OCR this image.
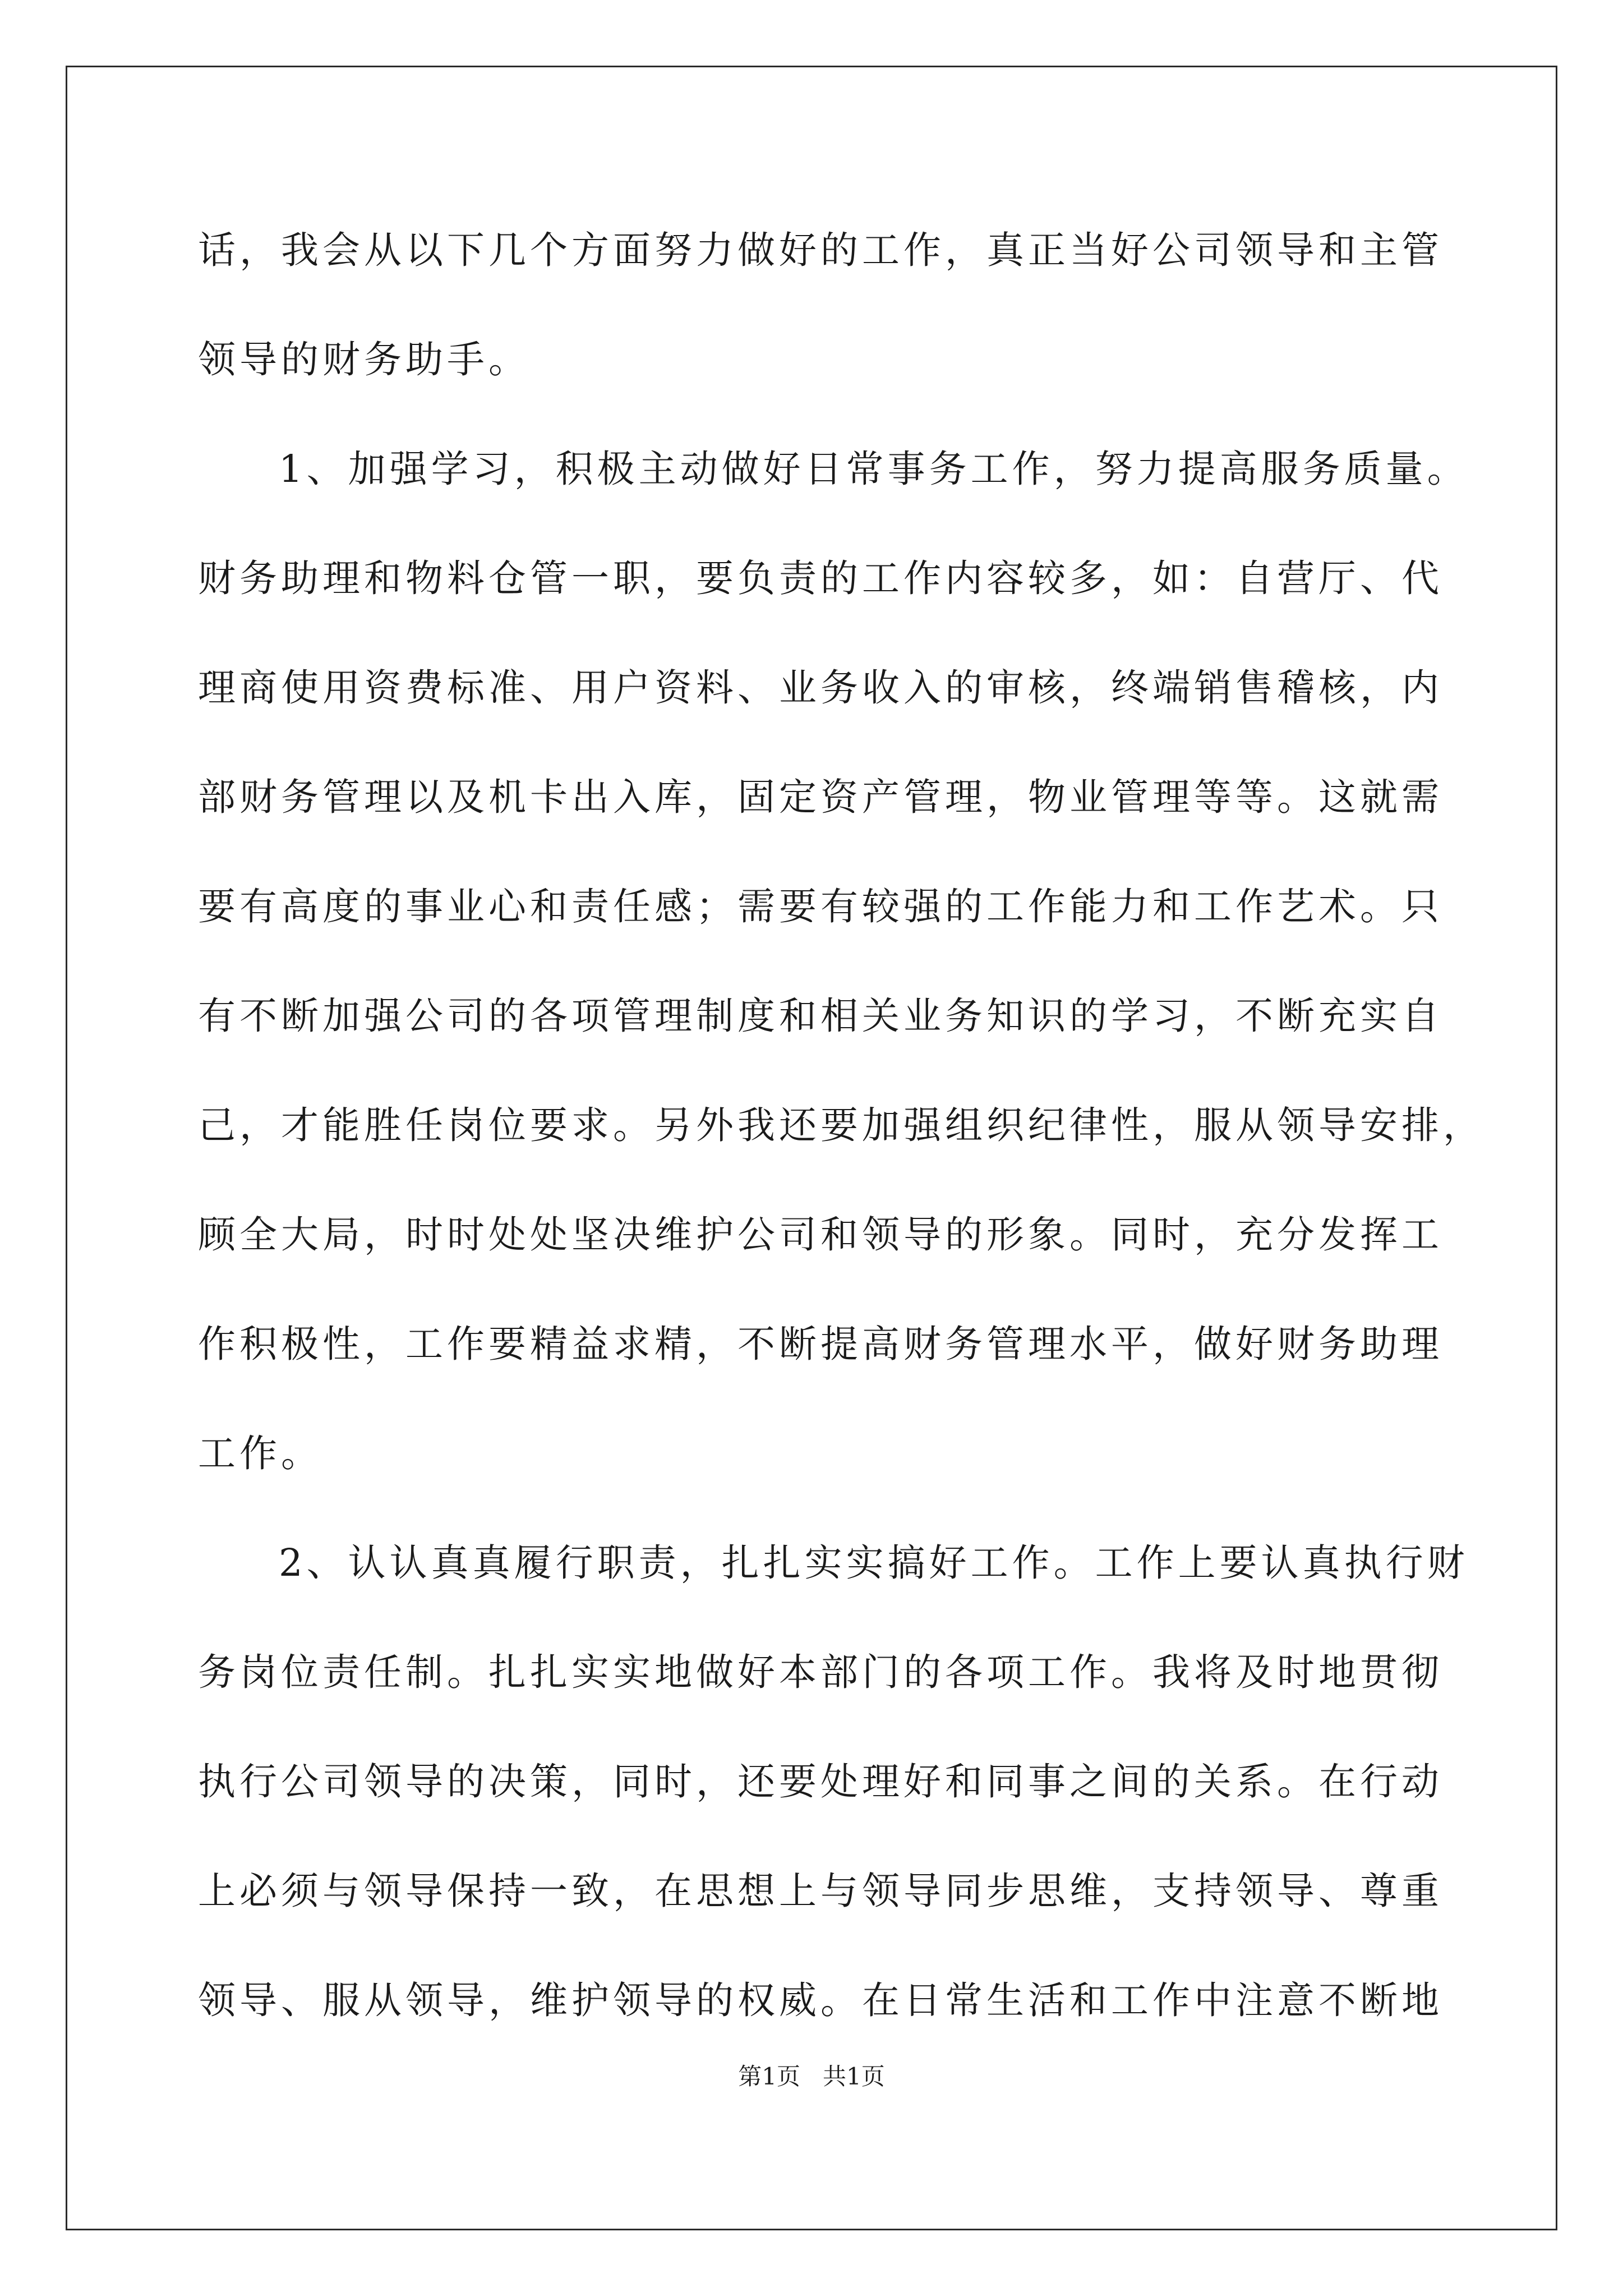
话，我会从以下几个方面努力做好的工作，真正当好公司领导和主管
领导的财务助手。
1、加强学习，积极主动做好日常事务工作，努力提高服务质量。
财务助理和物料仓管一职，要负责的工作内容较多，如：自营厅、代
理商使用资费标准、用户资料、业务收入的审核，终端销售稽核，内
部财务管理以及机卡出入库，固定资产管理，物业管理等等。这就需
要有高度的事业心和责任感；需要有较强的工作能力和工作艺术。只
有不断加强公司的各项管理制度和相关业务知识的学习，不断充实自
己，才能胜任岗位要求。另外我还要加强组织纪律性，服从领导安排，
顾全大局，时时处处坚决维护公司和领导的形象。同时，充分发挥工
作积极性，工作要精益求精，不断提高财务管理水平，做好财务助理
工作。
2、认认真真履行职责，扎扎实实搞好工作。工作上要认真执行财
务岗位责任制。扎扎实实地做好本部门的各项工作。我将及时地贯彻
执行公司领导的决策，同时，还要处理好和同事之间的关系。在行动
上必须与领导保持一致，在思想上与领导同步思维，支持领导、尊重
领导、服从领导，维护领导的权威。在日常生活和工作中注意不断地
第1页   共1页
